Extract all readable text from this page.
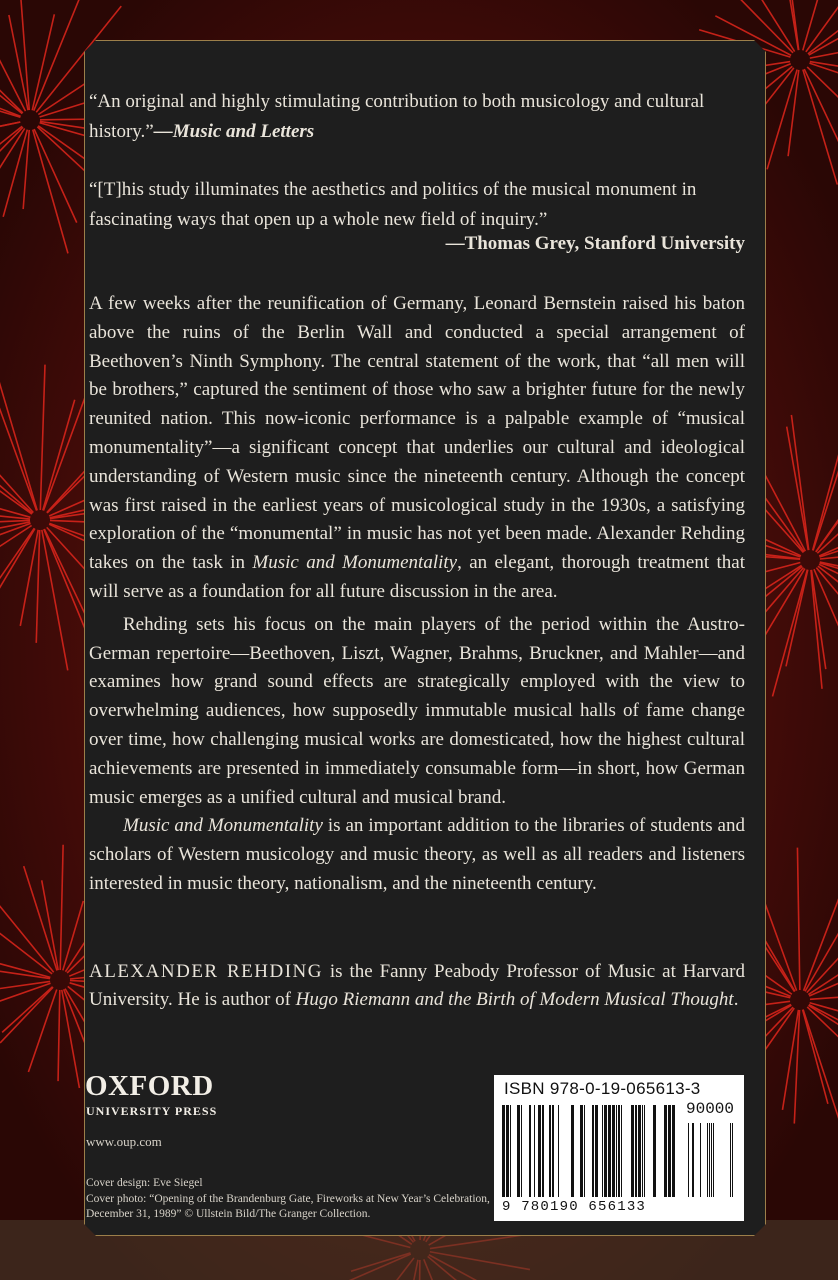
“An original and highly stimulating contribution to both musicology and cultural history.”—Music and Letters
“[T]his study illuminates the aesthetics and politics of the musical monument in fascinating ways that open up a whole new field of inquiry.”
—Thomas Grey, Stanford University

A few weeks after the reunification of Germany, Leonard Bernstein raised his baton above the ruins of the Berlin Wall and conducted a special arrangement of Beethoven’s Ninth Symphony. The central statement of the work, that “all men will be brothers,” captured the sentiment of those who saw a brighter future for the newly reunited nation. This now-iconic performance is a palpable example of “musical monumentality”—a significant concept that underlies our cultural and ideological understanding of Western music since the nineteenth century. Although the concept was first raised in the earliest years of musicological study in the 1930s, a satisfying exploration of the “monumental” in music has not yet been made. Alexander Rehding takes on the task in Music and Monumentality, an elegant, thorough treatment that will serve as a foundation for all future discussion in the area.

Rehding sets his focus on the main players of the period within the Austro-German repertoire—Beethoven, Liszt, Wagner, Brahms, Bruckner, and Mahler—and examines how grand sound effects are strategically employed with the view to overwhelming audiences, how supposedly immutable musical halls of fame change over time, how challenging musical works are domesticated, how the highest cultural achievements are presented in immediately consumable form—in short, how German music emerges as a unified cultural and musical brand.

Music and Monumentality is an important addition to the libraries of students and scholars of Western musicology and music theory, as well as all readers and listeners interested in music theory, nationalism, and the nineteenth century.

ALEXANDER REHDING is the Fanny Peabody Professor of Music at Harvard University. He is author of Hugo Riemann and the Birth of Modern Musical Thought.
OXFORD
UNIVERSITY PRESS
www.oup.com
Cover design: Eve Siegel
Cover photo: “Opening of the Brandenburg Gate, Fireworks at New Year’s Celebration, December 31, 1989” © Ullstein Bild/The Granger Collection.
ISBN 978-0-19-065613-3
90000
9 780190 656133
